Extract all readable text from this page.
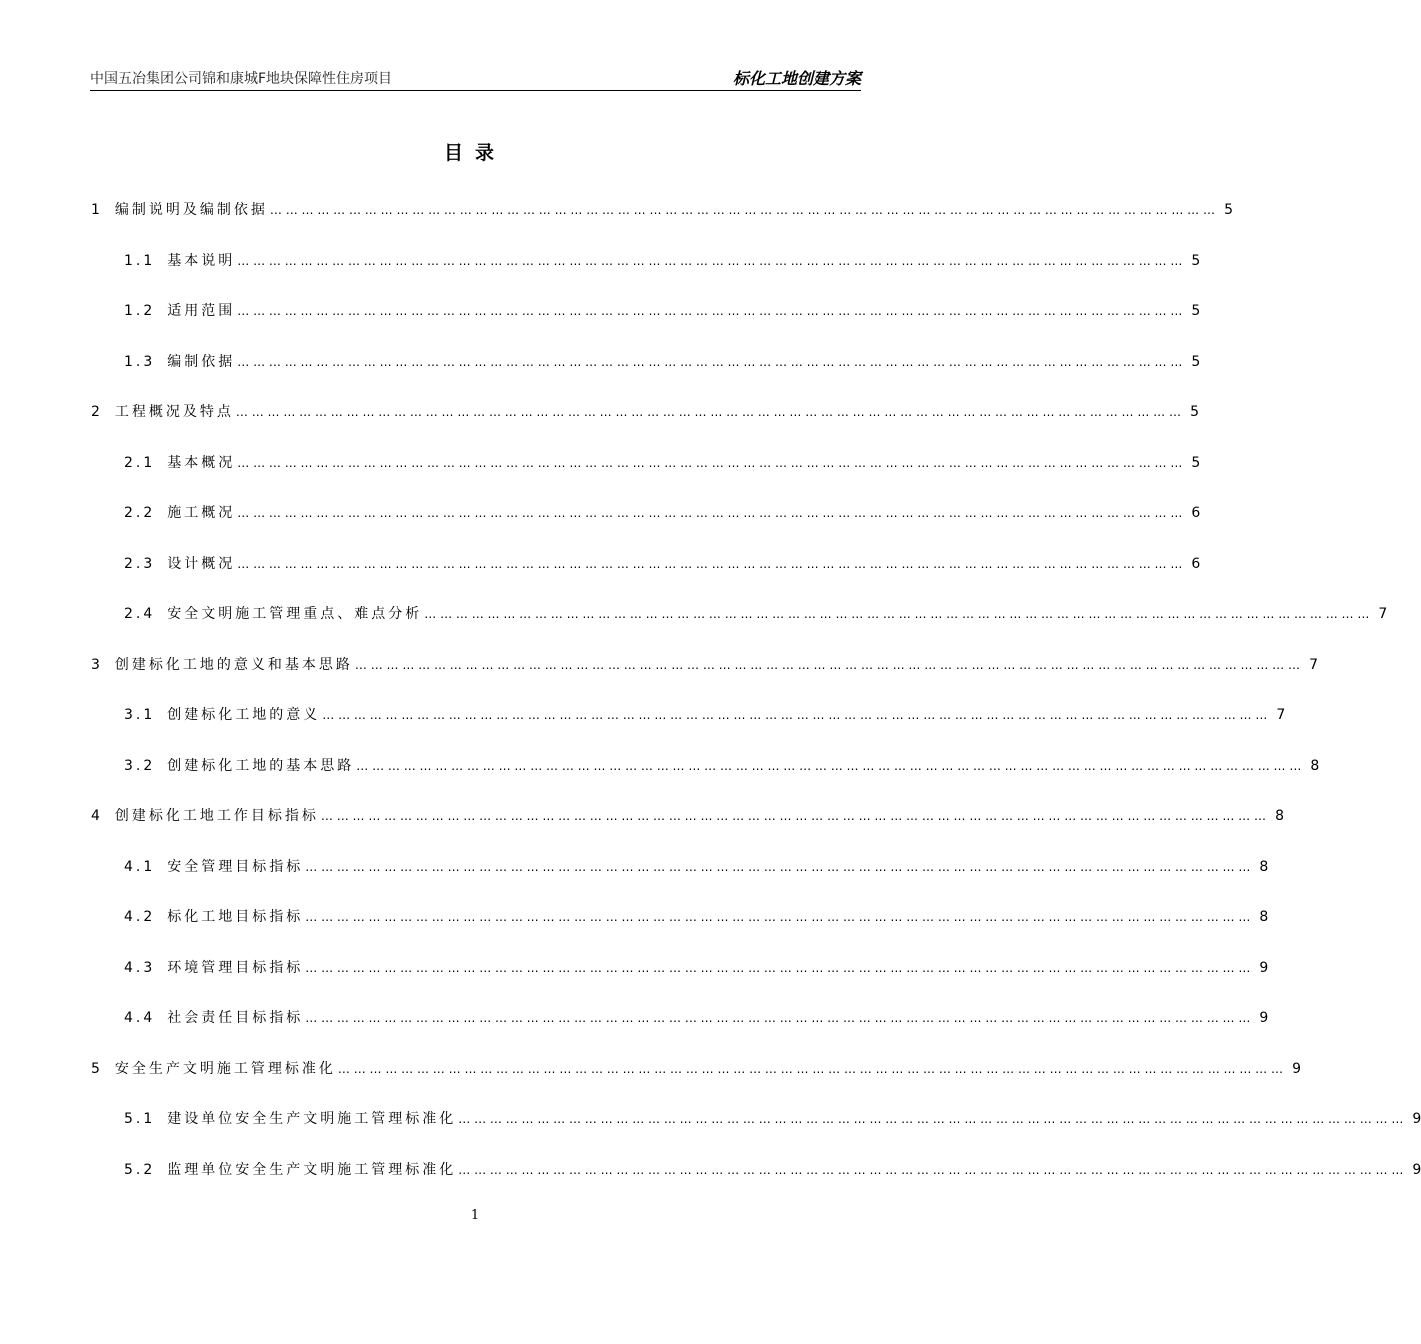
中国五冶集团公司锦和康城F地块保障性住房项目	标化工地创建方案
目录
1 编制说明及编制依据 … … … … … … … … … … … … … … … … … … … … … … … … … … … … … … … … … … … … … … … … … … … … … … … … … … … … … … … … … … … … 5
1.1 基本说明 … … … … … … … … … … … … … … … … … … … … … … … … … … … … … … … … … … … … … … … … … … … … … … … … … … … … … … … … … … … … 5
1.2 适用范围 … … … … … … … … … … … … … … … … … … … … … … … … … … … … … … … … … … … … … … … … … … … … … … … … … … … … … … … … … … … … 5
1.3 编制依据 … … … … … … … … … … … … … … … … … … … … … … … … … … … … … … … … … … … … … … … … … … … … … … … … … … … … … … … … … … … … 5
2 工程概况及特点 … … … … … … … … … … … … … … … … … … … … … … … … … … … … … … … … … … … … … … … … … … … … … … … … … … … … … … … … … … … … 5
2.1 基本概况 … … … … … … … … … … … … … … … … … … … … … … … … … … … … … … … … … … … … … … … … … … … … … … … … … … … … … … … … … … … … 5
2.2 施工概况 … … … … … … … … … … … … … … … … … … … … … … … … … … … … … … … … … … … … … … … … … … … … … … … … … … … … … … … … … … … … 6
2.3 设计概况 … … … … … … … … … … … … … … … … … … … … … … … … … … … … … … … … … … … … … … … … … … … … … … … … … … … … … … … … … … … … 6
2.4 安全文明施工管理重点、难点分析 … … … … … … … … … … … … … … … … … … … … … … … … … … … … … … … … … … … … … … … … … … … … … … … … … … … … … … … … … … … … 7
3 创建标化工地的意义和基本思路 … … … … … … … … … … … … … … … … … … … … … … … … … … … … … … … … … … … … … … … … … … … … … … … … … … … … … … … … … … … … 7
3.1 创建标化工地的意义 … … … … … … … … … … … … … … … … … … … … … … … … … … … … … … … … … … … … … … … … … … … … … … … … … … … … … … … … … … … … 7
3.2 创建标化工地的基本思路 … … … … … … … … … … … … … … … … … … … … … … … … … … … … … … … … … … … … … … … … … … … … … … … … … … … … … … … … … … … … 8
4 创建标化工地工作目标指标 … … … … … … … … … … … … … … … … … … … … … … … … … … … … … … … … … … … … … … … … … … … … … … … … … … … … … … … … … … … … 8
4.1 安全管理目标指标 … … … … … … … … … … … … … … … … … … … … … … … … … … … … … … … … … … … … … … … … … … … … … … … … … … … … … … … … … … … … 8
4.2 标化工地目标指标 … … … … … … … … … … … … … … … … … … … … … … … … … … … … … … … … … … … … … … … … … … … … … … … … … … … … … … … … … … … … 8
4.3 环境管理目标指标 … … … … … … … … … … … … … … … … … … … … … … … … … … … … … … … … … … … … … … … … … … … … … … … … … … … … … … … … … … … … 9
4.4 社会责任目标指标 … … … … … … … … … … … … … … … … … … … … … … … … … … … … … … … … … … … … … … … … … … … … … … … … … … … … … … … … … … … … 9
5 安全生产文明施工管理标准化 … … … … … … … … … … … … … … … … … … … … … … … … … … … … … … … … … … … … … … … … … … … … … … … … … … … … … … … … … … … … 9
5.1 建设单位安全生产文明施工管理标准化 … … … … … … … … … … … … … … … … … … … … … … … … … … … … … … … … … … … … … … … … … … … … … … … … … … … … … … … … … … … … 9
5.2 监理单位安全生产文明施工管理标准化 … … … … … … … … … … … … … … … … … … … … … … … … … … … … … … … … … … … … … … … … … … … … … … … … … … … … … … … … … … … … 9
1
